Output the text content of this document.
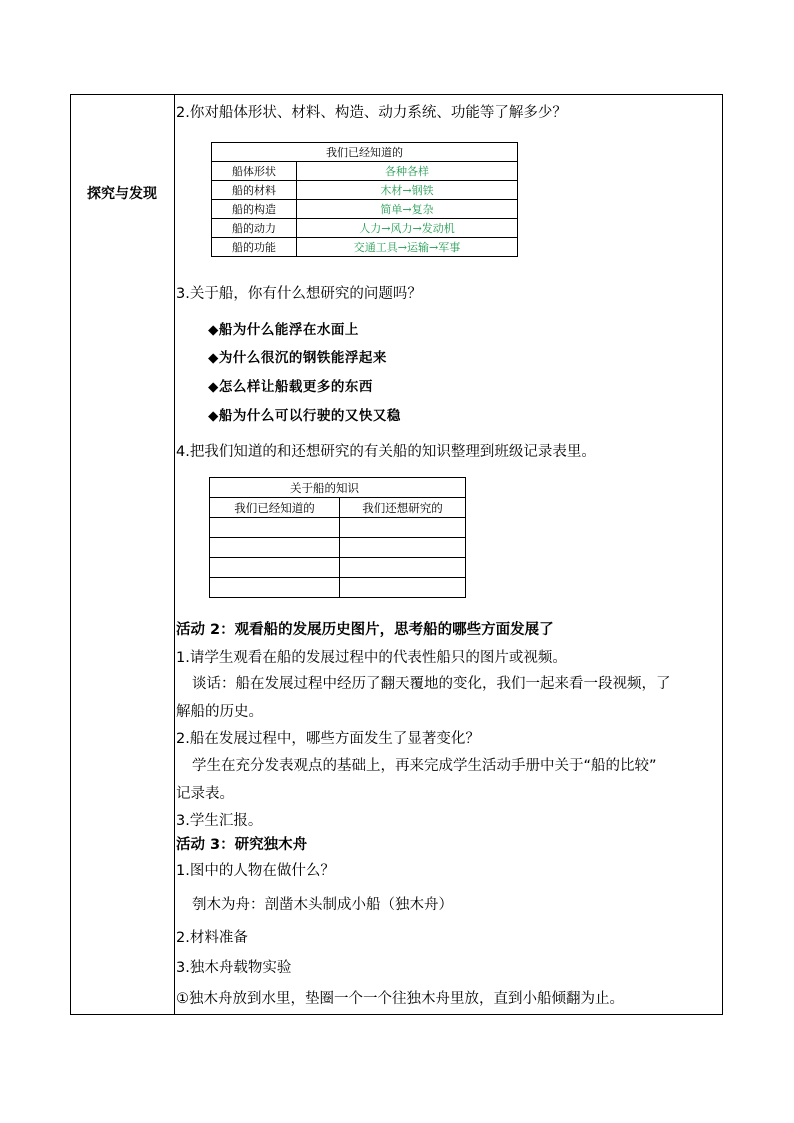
探究与发现
2.你对船体形状、材料、构造、动力系统、功能等了解多少？
我们已经知道的	
船体形状	各种各样
船的材料	木材→钢铁
船的构造	简单→复杂
船的动力	人力→风力→发动机
船的功能	交通工具→运输→军事
3.关于船，你有什么想研究的问题吗？
◆船为什么能浮在水面上
◆为什么很沉的钢铁能浮起来
◆怎么样让船载更多的东西
◆船为什么可以行驶的又快又稳
4.把我们知道的和还想研究的有关船的知识整理到班级记录表里。
关于船的知识	
我们已经知道的	我们还想研究的

活动 2：观看船的发展历史图片，思考船的哪些方面发展了
1.请学生观看在船的发展过程中的代表性船只的图片或视频。
谈话：船在发展过程中经历了翻天覆地的变化，我们一起来看一段视频，了
解船的历史。
2.船在发展过程中，哪些方面发生了显著变化？
学生在充分发表观点的基础上，再来完成学生活动手册中关于“船的比较”
记录表。
3.学生汇报。
活动 3：研究独木舟
1.图中的人物在做什么？
刳木为舟：剖凿木头制成小船（独木舟）
2.材料准备
3.独木舟载物实验
①独木舟放到水里，垫圈一个一个往独木舟里放，直到小船倾翻为止。
